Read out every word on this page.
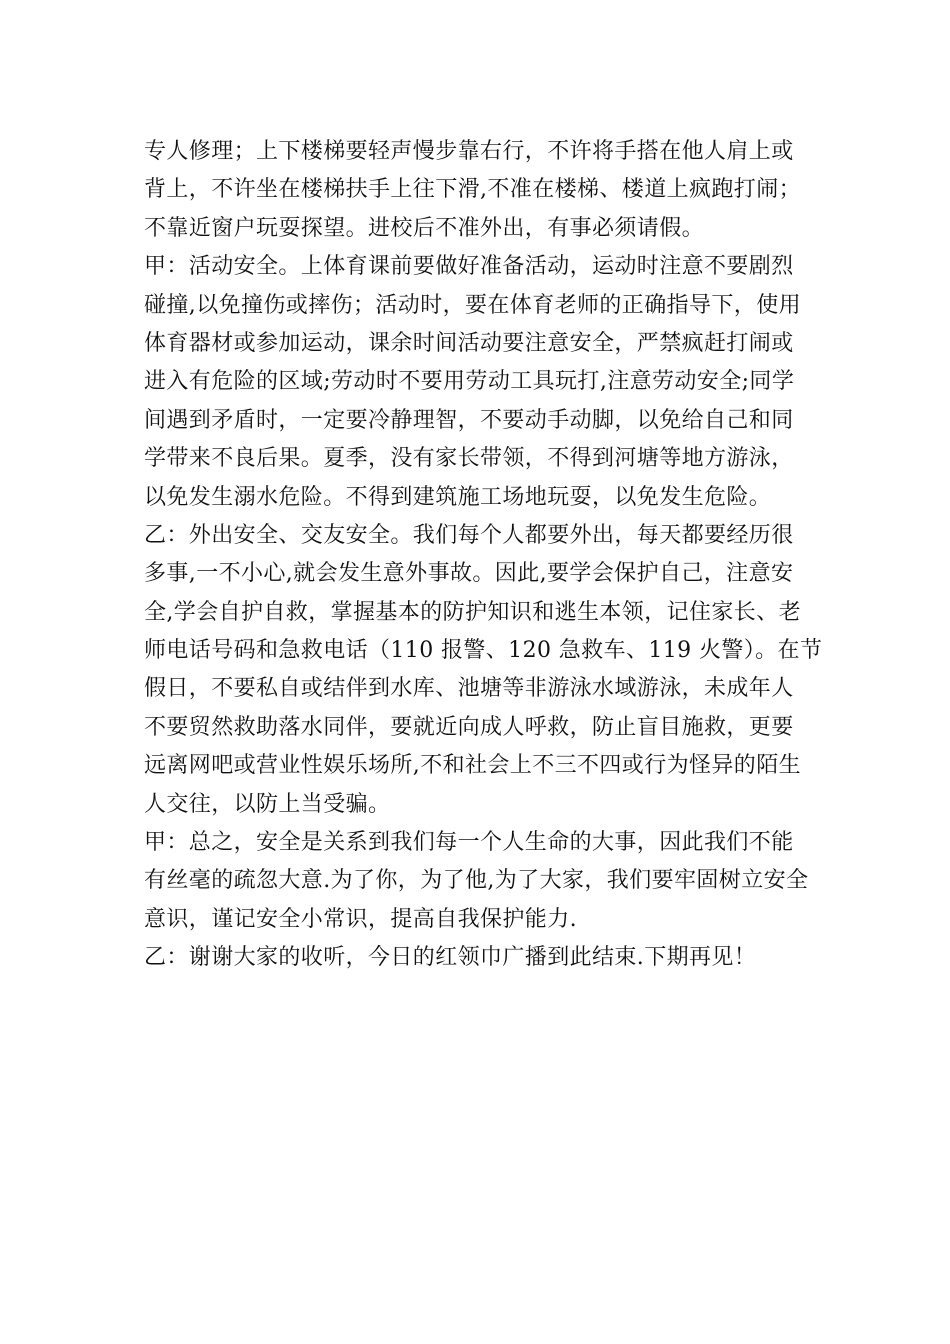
专人修理；上下楼梯要轻声慢步靠右行，不许将手搭在他人肩上或
背上，不许坐在楼梯扶手上往下滑,不准在楼梯、楼道上疯跑打闹；
不靠近窗户玩耍探望。进校后不准外出，有事必须请假。
甲：活动安全。上体育课前要做好准备活动，运动时注意不要剧烈
碰撞,以免撞伤或摔伤；活动时，要在体育老师的正确指导下，使用
体育器材或参加运动，课余时间活动要注意安全，严禁疯赶打闹或
进入有危险的区域;劳动时不要用劳动工具玩打,注意劳动安全;同学
间遇到矛盾时，一定要冷静理智，不要动手动脚，以免给自己和同
学带来不良后果。夏季，没有家长带领，不得到河塘等地方游泳，
以免发生溺水危险。不得到建筑施工场地玩耍，以免发生危险。
乙：外出安全、交友安全。我们每个人都要外出，每天都要经历很
多事,一不小心,就会发生意外事故。因此,要学会保护自己，注意安
全,学会自护自救，掌握基本的防护知识和逃生本领，记住家长、老
师电话号码和急救电话（110 报警、120 急救车、119 火警）。在节
假日，不要私自或结伴到水库、池塘等非游泳水域游泳，未成年人
不要贸然救助落水同伴，要就近向成人呼救，防止盲目施救，更要
远离网吧或营业性娱乐场所,不和社会上不三不四或行为怪异的陌生
人交往，以防上当受骗。
甲：总之，安全是关系到我们每一个人生命的大事，因此我们不能
有丝毫的疏忽大意.为了你，为了他,为了大家，我们要牢固树立安全
意识，谨记安全小常识，提高自我保护能力.
乙：谢谢大家的收听，今日的红领巾广播到此结束.下期再见！
